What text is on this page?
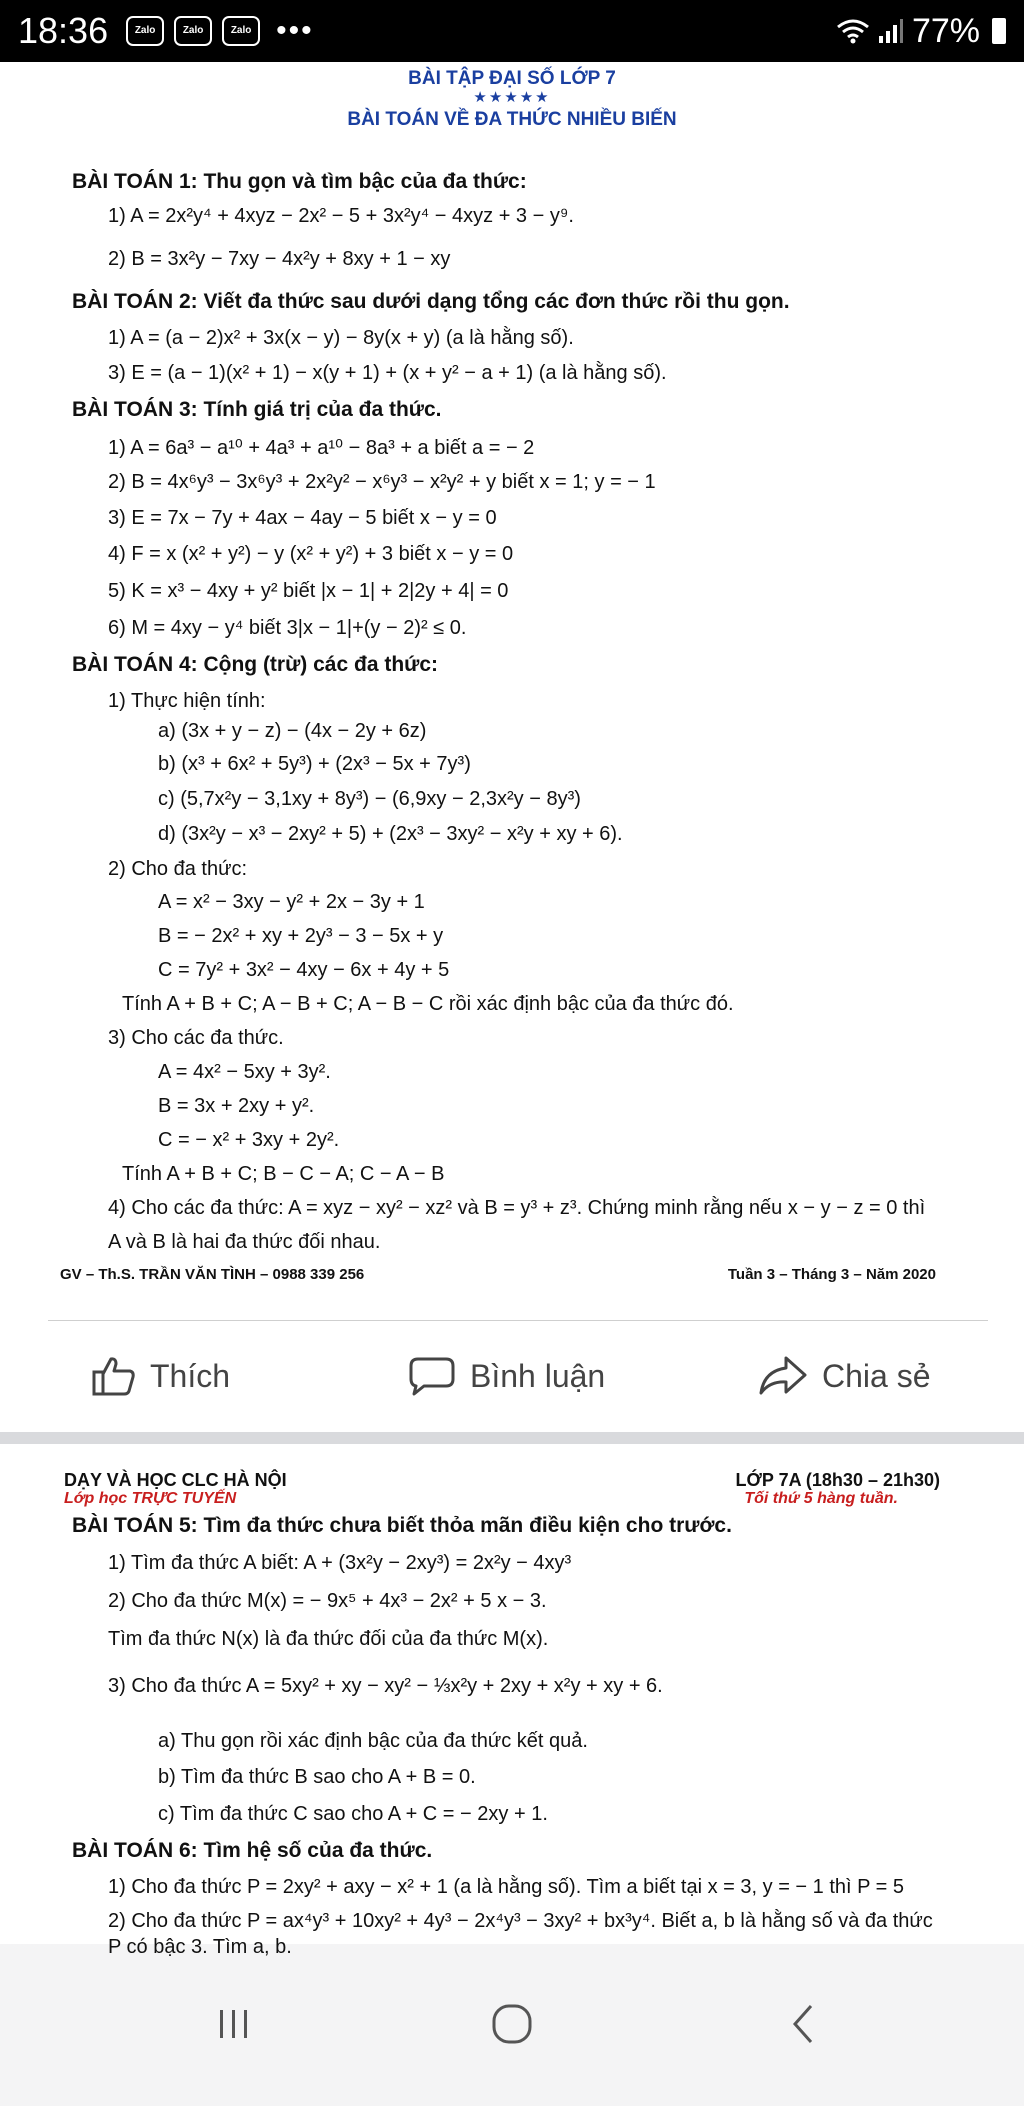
18:36	Zalo	Zalo	Zalo •••	77%
BÀI TẬP ĐẠI SỐ LỚP 7
★★★★★
BÀI TOÁN VỀ ĐA THỨC NHIỀU BIẾN
BÀI TOÁN 1: Thu gọn và tìm bậc của đa thức:
1) A = 2x²y⁴ + 4xyz − 2x² − 5 + 3x²y⁴ − 4xyz + 3 − y⁹.
2) B = 3x²y − 7xy − 4x²y + 8xy + 1 − xy
BÀI TOÁN 2: Viết đa thức sau dưới dạng tổng các đơn thức rồi thu gọn.
1) A = (a − 2)x² + 3x(x − y) − 8y(x + y) (a là hằng số).
3) E = (a − 1)(x² + 1) − x(y + 1) + (x + y² − a + 1) (a là hằng số).
BÀI TOÁN 3: Tính giá trị của đa thức.
1) A = 6a³ − a¹⁰ + 4a³ + a¹⁰ − 8a³ + a biết a = − 2
2) B = 4x⁶y³ − 3x⁶y³ + 2x²y² − x⁶y³ − x²y² + y biết x = 1; y = − 1
3) E = 7x − 7y + 4ax − 4ay − 5 biết x − y = 0
4) F = x (x² + y²) − y (x² + y²) + 3 biết x − y = 0
5) K = x³ − 4xy + y² biết |x − 1| + 2|2y + 4| = 0
6) M = 4xy − y⁴ biết 3|x − 1|+(y − 2)² ≤ 0.
BÀI TOÁN 4: Cộng (trừ) các đa thức:
1) Thực hiện tính:
a) (3x + y − z) − (4x − 2y + 6z)
b) (x³ + 6x² + 5y³) + (2x³ − 5x + 7y³)
c) (5,7x²y − 3,1xy + 8y³) − (6,9xy − 2,3x²y − 8y³)
d) (3x²y − x³ − 2xy² + 5) + (2x³ − 3xy² − x²y + xy + 6).
2) Cho đa thức:
A = x² − 3xy − y² + 2x − 3y + 1
B = − 2x² + xy + 2y³ − 3 − 5x + y
C = 7y² + 3x² − 4xy − 6x + 4y + 5
Tính A + B + C; A − B + C; A − B − C rồi xác định bậc của đa thức đó.
3) Cho các đa thức.
A = 4x² − 5xy + 3y².
B = 3x + 2xy + y².
C = − x² + 3xy + 2y².
Tính A + B + C; B − C − A; C − A − B
4) Cho các đa thức: A = xyz − xy² − xz² và B = y³ + z³. Chứng minh rằng nếu x − y − z = 0 thì
A và B là hai đa thức đối nhau.
GV – Th.S. TRẦN VĂN TÌNH – 0988 339 256	Tuần 3 – Tháng 3 – Năm 2020
Thích	Bình luận	Chia sẻ
DẠY VÀ HỌC CLC HÀ NỘI
Lớp học TRỰC TUYẾN
LỚP 7A (18h30 – 21h30)
Tối thứ 5 hàng tuần.
BÀI TOÁN 5: Tìm đa thức chưa biết thỏa mãn điều kiện cho trước.
1) Tìm đa thức A biết: A + (3x²y − 2xy³) = 2x²y − 4xy³
2) Cho đa thức M(x) = − 9x⁵ + 4x³ − 2x² + 5 x − 3.
Tìm đa thức N(x) là đa thức đối của đa thức M(x).
3) Cho đa thức A = 5xy² + xy − xy² − ⅓x²y + 2xy + x²y + xy + 6.
a) Thu gọn rồi xác định bậc của đa thức kết quả.
b) Tìm đa thức B sao cho A + B = 0.
c) Tìm đa thức C sao cho A + C = − 2xy + 1.
BÀI TOÁN 6: Tìm hệ số của đa thức.
1) Cho đa thức P = 2xy² + axy − x² + 1 (a là hằng số). Tìm a biết tại x = 3, y = − 1 thì P = 5
2) Cho đa thức P = ax⁴y³ + 10xy² + 4y³ − 2x⁴y³ − 3xy² + bx³y⁴. Biết a, b là hằng số và đa thức
P có bậc 3. Tìm a, b.
